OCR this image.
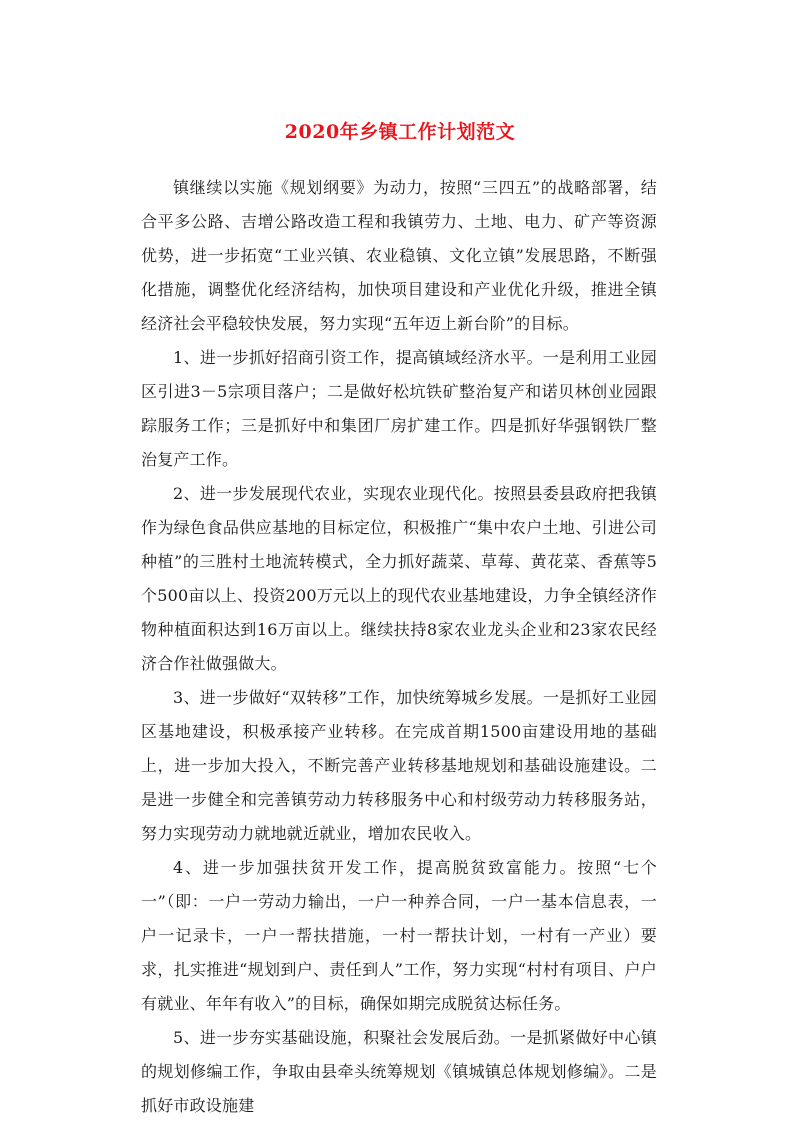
2020年乡镇工作计划范文

镇继续以实施《规划纲要》为动力，按照“三四五”的战略部署，结合平多公路、吉增公路改造工程和我镇劳力、土地、电力、矿产等资源优势，进一步拓宽“工业兴镇、农业稳镇、文化立镇”发展思路，不断强化措施，调整优化经济结构，加快项目建设和产业优化升级，推进全镇经济社会平稳较快发展，努力实现“五年迈上新台阶”的目标。

1、进一步抓好招商引资工作，提高镇域经济水平。一是利用工业园区引进3－5宗项目落户；二是做好松坑铁矿整治复产和诺贝林创业园跟踪服务工作；三是抓好中和集团厂房扩建工作。四是抓好华强钢铁厂整治复产工作。

2、进一步发展现代农业，实现农业现代化。按照县委县政府把我镇作为绿色食品供应基地的目标定位，积极推广“集中农户土地、引进公司种植”的三胜村土地流转模式，全力抓好蔬菜、草莓、黄花菜、香蕉等5个500亩以上、投资200万元以上的现代农业基地建设，力争全镇经济作物种植面积达到16万亩以上。继续扶持8家农业龙头企业和23家农民经济合作社做强做大。

3、进一步做好“双转移”工作，加快统筹城乡发展。一是抓好工业园区基地建设，积极承接产业转移。在完成首期1500亩建设用地的基础上，进一步加大投入，不断完善产业转移基地规划和基础设施建设。二是进一步健全和完善镇劳动力转移服务中心和村级劳动力转移服务站，努力实现劳动力就地就近就业，增加农民收入。

4、进一步加强扶贫开发工作，提高脱贫致富能力。按照“七个一”（即：一户一劳动力输出，一户一种养合同，一户一基本信息表，一户一记录卡，一户一帮扶措施，一村一帮扶计划，一村有一产业）要求，扎实推进“规划到户、责任到人”工作，努力实现“村村有项目、户户有就业、年年有收入”的目标，确保如期完成脱贫达标任务。

5、进一步夯实基础设施，积聚社会发展后劲。一是抓紧做好中心镇的规划修编工作，争取由县牵头统筹规划《镇城镇总体规划修编》。二是抓好市政设施建
